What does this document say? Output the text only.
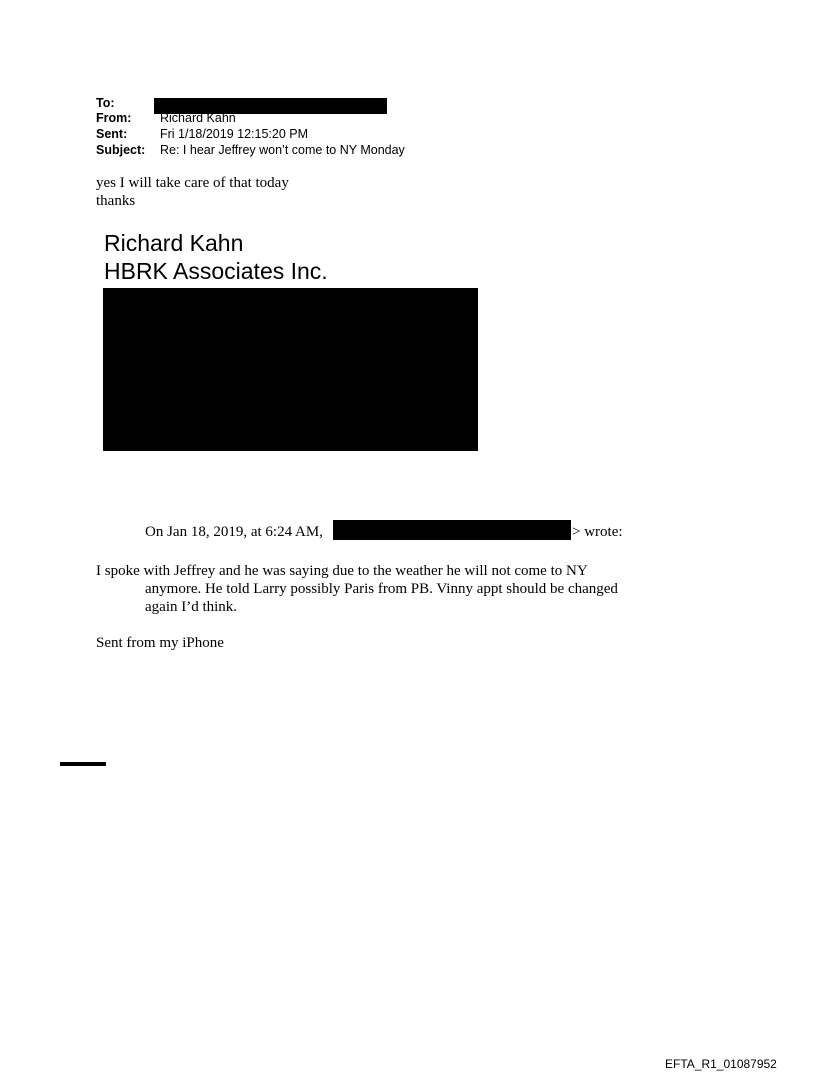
To:
From: Richard Kahn
Sent:	Fri 1/18/2019 12:15:20 PM
Subject: Re: I hear Jeffrey won’t come to NY Monday
yes I will take care of that today
thanks
Richard Kahn
HBRK Associates Inc.
On Jan 18, 2019, at 6:24 AM,	> wrote:
I spoke with Jeffrey and he was saying due to the weather he will not come to NY
anymore. He told Larry possibly Paris from PB. Vinny appt should be changed
again I’d think.
Sent from my iPhone
EFTA_R1_01087952
